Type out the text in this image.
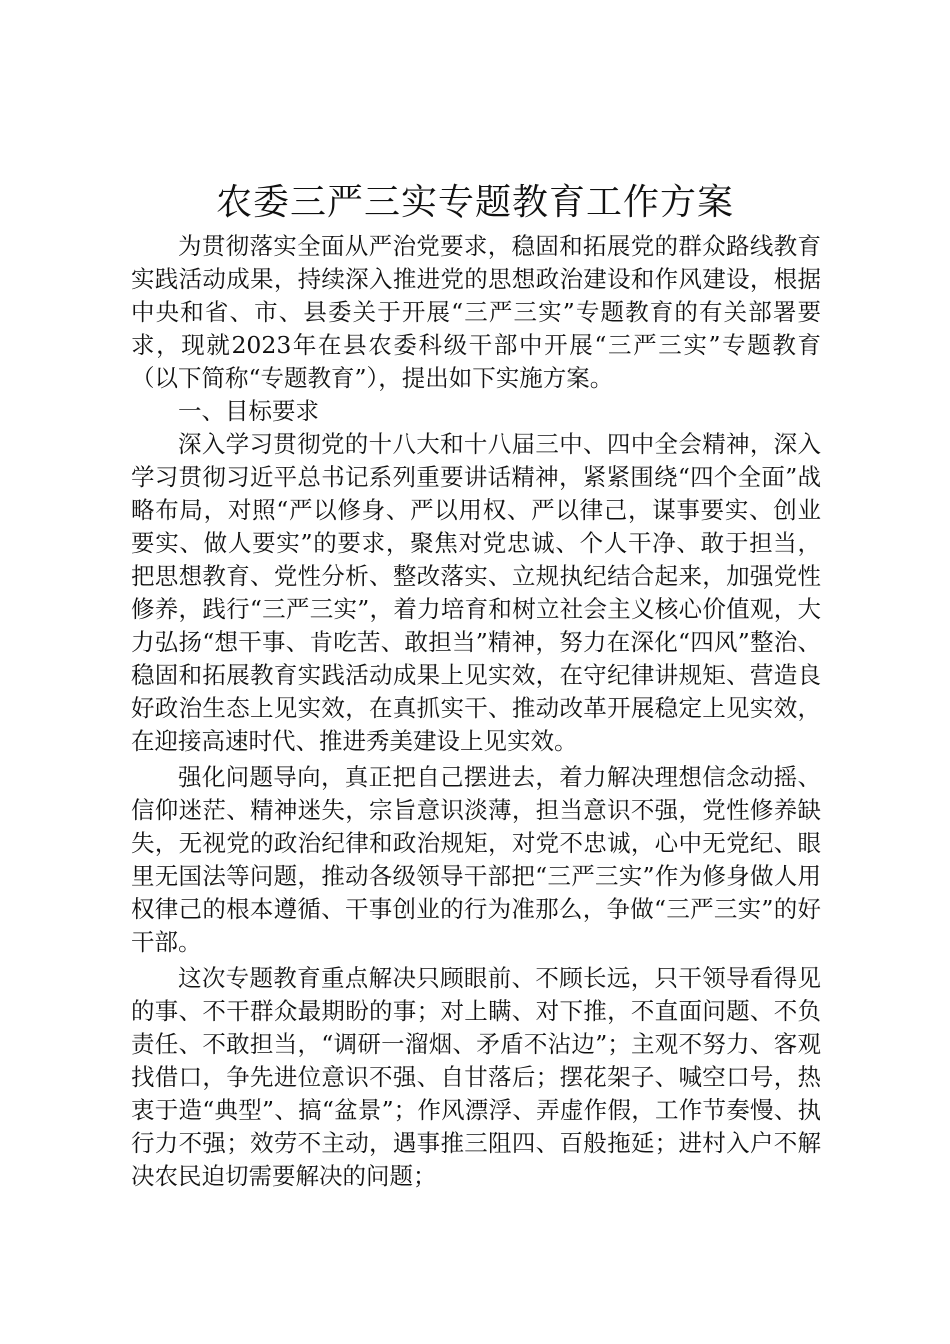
农委三严三实专题教育工作方案

为贯彻落实全面从严治党要求，稳固和拓展党的群众路线教育实践活动成果，持续深入推进党的思想政治建设和作风建设，根据中央和省、市、县委关于开展“三严三实”专题教育的有关部署要求，现就2023年在县农委科级干部中开展“三严三实”专题教育（以下简称“专题教育”），提出如下实施方案。

一、目标要求

深入学习贯彻党的十八大和十八届三中、四中全会精神，深入学习贯彻习近平总书记系列重要讲话精神，紧紧围绕“四个全面”战略布局，对照“严以修身、严以用权、严以律己，谋事要实、创业要实、做人要实”的要求，聚焦对党忠诚、个人干净、敢于担当，把思想教育、党性分析、整改落实、立规执纪结合起来，加强党性修养，践行“三严三实”，着力培育和树立社会主义核心价值观，大力弘扬“想干事、肯吃苦、敢担当”精神，努力在深化“四风”整治、稳固和拓展教育实践活动成果上见实效，在守纪律讲规矩、营造良好政治生态上见实效，在真抓实干、推动改革开展稳定上见实效，在迎接高速时代、推进秀美建设上见实效。

强化问题导向，真正把自己摆进去，着力解决理想信念动摇、信仰迷茫、精神迷失，宗旨意识淡薄，担当意识不强，党性修养缺失，无视党的政治纪律和政治规矩，对党不忠诚，心中无党纪、眼里无国法等问题，推动各级领导干部把“三严三实”作为修身做人用权律己的根本遵循、干事创业的行为准那么，争做“三严三实”的好干部。

这次专题教育重点解决只顾眼前、不顾长远，只干领导看得见的事、不干群众最期盼的事；对上瞒、对下推，不直面问题、不负责任、不敢担当，“调研一溜烟、矛盾不沾边”；主观不努力、客观找借口，争先进位意识不强、自甘落后；摆花架子、喊空口号，热衷于造“典型”、搞“盆景”；作风漂浮、弄虚作假，工作节奏慢、执行力不强；效劳不主动，遇事推三阻四、百般拖延；进村入户不解决农民迫切需要解决的问题；
